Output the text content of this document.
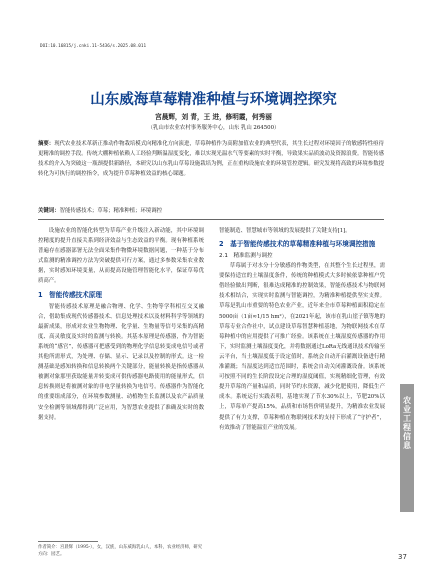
DOI:10.16815/j.cnki.11-5436/s.2025.08.011
山东威海草莓精准种植与环境调控探究
宫晨辉，刘 青，王 进，修明霞，何秀丽
（乳山市农业农村事务服务中心，山东 乳山 264500）
摘要：现代农业技术革新正推动作物栽培模式向精准化方向演进，草莓种植作为高附加值农业的典型代表，其生长过程对环境因子的敏感特性亟待更精准的调控手段。传统大棚种植依赖人工经验判断温湿度变化，难以实现光温水气等要素的实时平衡，导致果实品质波动及资源浪费。智能传感技术的介入为突破这一瓶颈提供新路径，本研究以山东乳山草莓设施栽培为例，正在重构设施农业的环境管控逻辑。研究发现将高致的环境参数提转化为可执行的调控指令，成为提升草莓种植效益的核心课题。
关键词：智能传感技术；草莓；精准种植；环境调控

设施农业的智能化转型为草莓产业升级注入新动能，其中环境调控精度的提升直接关系到经济效益与生态效益的平衡。现有种植系统普遍存在感器部署无法全面采集作物微环境数据问题，一种基于分布式监测的精准调控方法为突破提供可行方案，通过多参数采集农业数据，实时感知环境变量，从而提高设施管理智能化水平，保证草莓优质高产。

1　智能传感技术原理

智能传感技术原理是融合物理、化学、生物等学科相互交叉融合，借助集成现代传感器技术、信息处理技术以及材料科学等领域的最新成果，形成对农业生物物理、化学量、生物量等信号采集的高精度、高灵敏度及实时的监测与转换。其基本原理是传感器，作为智能系统的“感官”，传感器可把感受到的物理化学信息转变成电信号或者其他所需形式，为处理、存储、显示、记录以及控制的形式。这一检测基础是感知转换和信息转换两个关键部分，能量转换是指传感器从被测对象那里获取能量并转变成可供传感器电路使用的能量形式，信息转换则是将被测对象的非电学量转换为电信号。传感器作为智能化的重要组成部分，在环境参数测量、动植物生长监测以及农产品质量安全检测等领域都得到广泛应用，为智慧农业提供了准确及实时的数据支持。

作者简介：宫晨辉（1995-），女，汉族，山东威海乳山人，本科，农业经济师，研究方向：园艺。

智能制造、智慧城市等领域的发展提供了关键支持[1]。

2　基于智能传感技术的草莓精准种植与环境调控措施
2.1　精准监测与调控

草莓属于对水分十分敏感的作物类型，在其整个生长过程里，需要保持适宜的土壤湿度条件，传统的种植模式大多时候依靠种植户凭借经验做出判断，很难达成精准的控制效果，智能传感技术与物联网技术相结合，实现实时监测与智能调控，为精准种植提供坚实支撑。草莓是乳山市重要的特色农业产业，近年来全市草莓种植面积稳定在5000亩（1亩≈1/15 hm²），在2021年起，该市在乳山崖子镇等地的草莓专业合作社中，试点建设草莓智慧种植基地，为物联网技术在草莓种植中的应用提供了可推广经验。该系统在土壤湿度传感器的作用下，实时监测土壤湿度变化，并将数据通过LoRa无线通讯技术传输至云平台，当土壤湿度低于设定值时，系统会自动开启灌溉设备进行精准灌溉；当湿度达到适宜范围时，系统会自动关闭灌溉设备。该系统可按照不同的生长阶段设定合理的湿度阈值，实现精细化管理，有效提升草莓的产量和品质，同时节约水资源，减少化肥使用，降低生产成本。系统运行实践表明，基地实现了节水30%以上，节肥20%以上，草莓单产提高15%，品质和市场售价明显提升，为精准农业发展提供了有力支撑，草莓种植在物联网技术的支持下形成了“守护者”，有效推动了智能温室产业的发展。

农
业
工
程
信
息
37
